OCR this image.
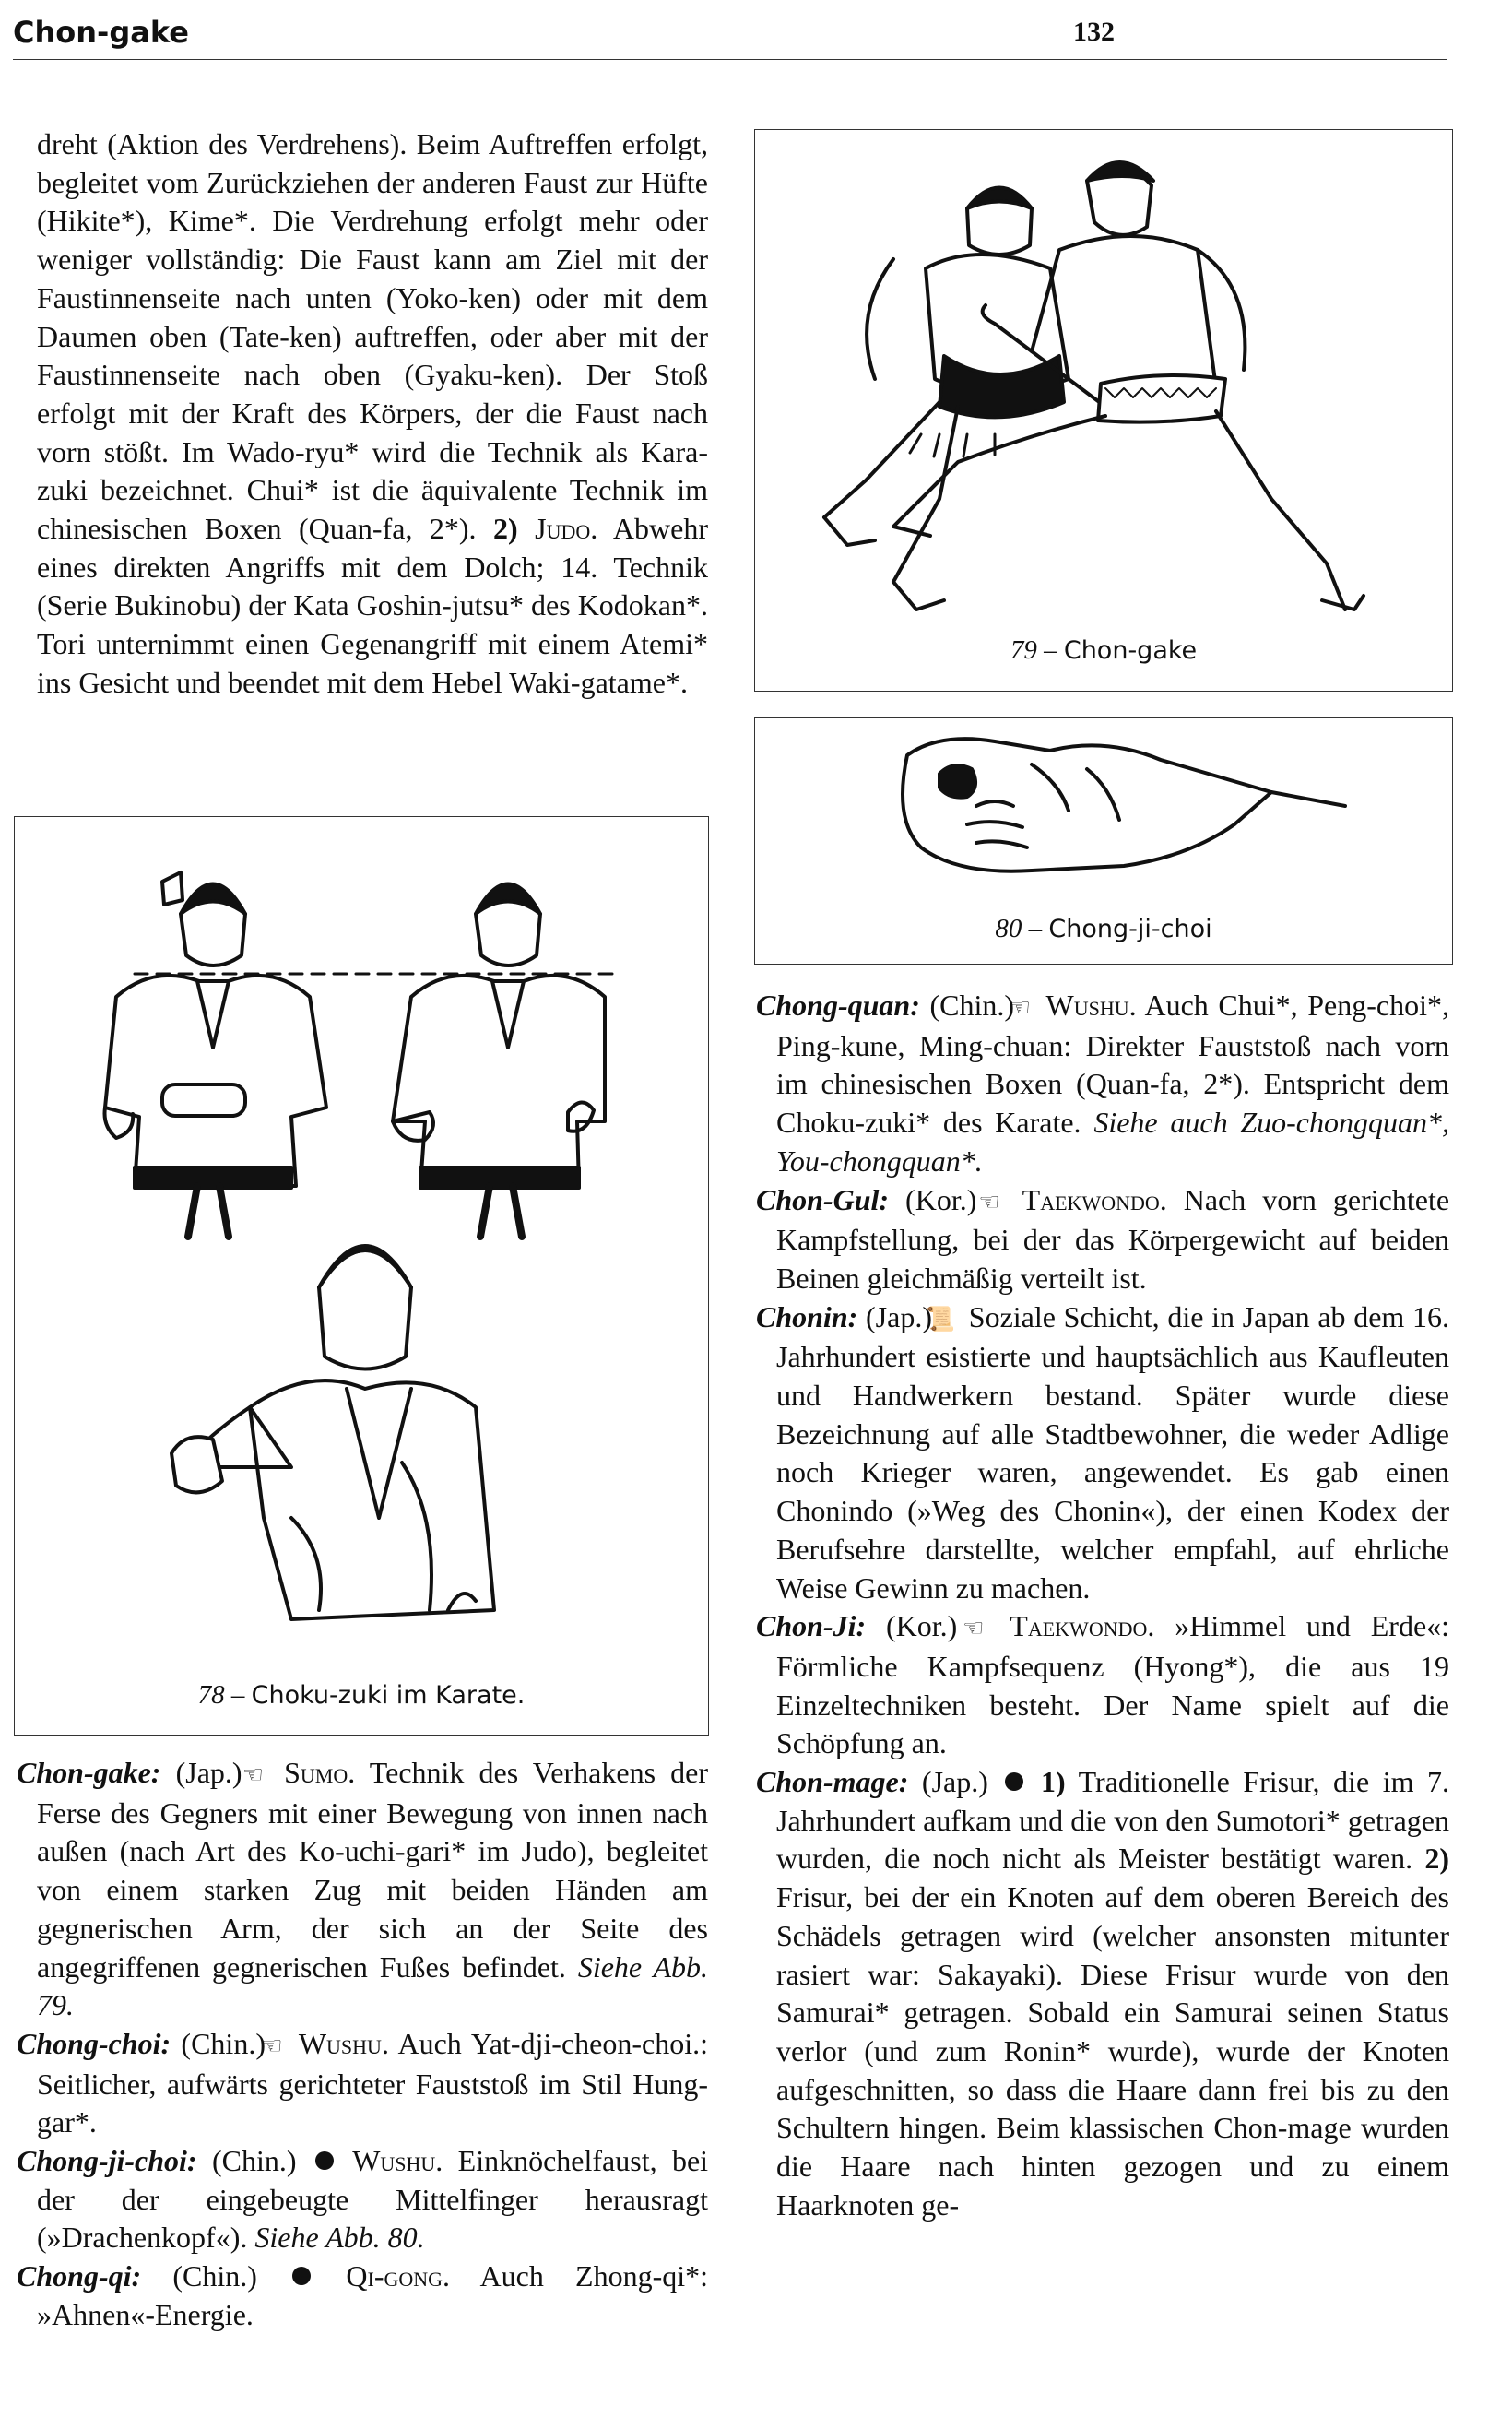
Chon-gake	132

dreht (Aktion des Verdrehens). Beim Auftreffen erfolgt, begleitet vom Zurückziehen der anderen Faust zur Hüfte (Hikite*), Kime*. Die Verdrehung erfolgt mehr oder weniger vollständig: Die Faust kann am Ziel mit der Faustinnenseite nach unten (Yoko-ken) oder mit dem Daumen oben (Tate-ken) auftreffen, oder aber mit der Faustinnenseite nach oben (Gyaku-ken). Der Stoß erfolgt mit der Kraft des Körpers, der die Faust nach vorn stößt. Im Wado-ryu* wird die Technik als Kara-zuki bezeichnet. Chui* ist die äquivalente Technik im chinesischen Boxen (Quan-fa, 2*). 2) Judo. Abwehr eines direkten Angriffs mit dem Dolch; 14. Technik (Serie Bukinobu) der Kata Goshin-jutsu* des Kodokan*. Tori unternimmt einen Gegenangriff mit einem Atemi* ins Gesicht und beendet mit dem Hebel Waki-gatame*.

78 – Choku-zuki im Karate.
79 – Chon-gake
80 – Chong-ji-choi

Chon-gake: (Jap.) ☜ Sumo. Technik des Verhakens der Ferse des Gegners mit einer Bewegung von innen nach außen (nach Art des Ko-uchi-gari* im Judo), begleitet von einem starken Zug mit beiden Händen am gegnerischen Arm, der sich an der Seite des angegriffenen gegnerischen Fußes befindet. Siehe Abb. 79.

Chong-choi: (Chin.) ☜ Wushu. Auch Yat-dji-cheon-choi.: Seitlicher, aufwärts gerichteter Fauststoß im Stil Hung-gar*.

Chong-ji-choi: (Chin.) Wushu. Einknöchelfaust, bei der der eingebeugte Mittelfinger herausragt (»Drachenkopf«). Siehe Abb. 80.

Chong-qi: (Chin.)	Qi-gong. Auch Zhong-qi*: »Ahnen«-Energie.

Chong-quan: (Chin.) ☜ Wushu. Auch Chui*, Peng-choi*, Ping-kune, Ming-chuan: Direkter Fauststoß nach vorn im chinesischen Boxen (Quan-fa, 2*). Entspricht dem Choku-zuki* des Karate. Siehe auch Zuo-chongquan*, You-chongquan*.

Chon-Gul: (Kor.) ☜ Taekwondo. Nach vorn gerichtete Kampfstellung, bei der das Körpergewicht auf beiden Beinen gleichmäßig verteilt ist.

Chonin: (Jap.) 📜 Soziale Schicht, die in Japan ab dem 16. Jahrhundert esistierte und hauptsächlich aus Kaufleuten und Handwerkern bestand. Später wurde diese Bezeichnung auf alle Stadtbewohner, die weder Adlige noch Krieger waren, angewendet. Es gab einen Chonindo (»Weg des Chonin«), der einen Kodex der Berufsehre darstellte, welcher empfahl, auf ehrliche Weise Gewinn zu machen.

Chon-Ji: (Kor.) ☜ Taekwondo. »Himmel und Erde«: Förmliche Kampfsequenz (Hyong*), die aus 19 Einzeltechniken besteht. Der Name spielt auf die Schöpfung an.

Chon-mage: (Jap.) 1) Traditionelle Frisur, die im 7. Jahrhundert aufkam und die von den Sumotori* getragen wurden, die noch nicht als Meister bestätigt waren. 2) Frisur, bei der ein Knoten auf dem oberen Bereich des Schädels getragen wird (welcher ansonsten mitunter rasiert war: Sakayaki). Diese Frisur wurde von den Samurai* getragen. Sobald ein Samurai seinen Status verlor (und zum Ronin* wurde), wurde der Knoten aufgeschnitten, so dass die Haare dann frei bis zu den Schultern hingen. Beim klassischen Chon-mage wurden die Haare nach hinten gezogen und zu einem Haarknoten ge-
